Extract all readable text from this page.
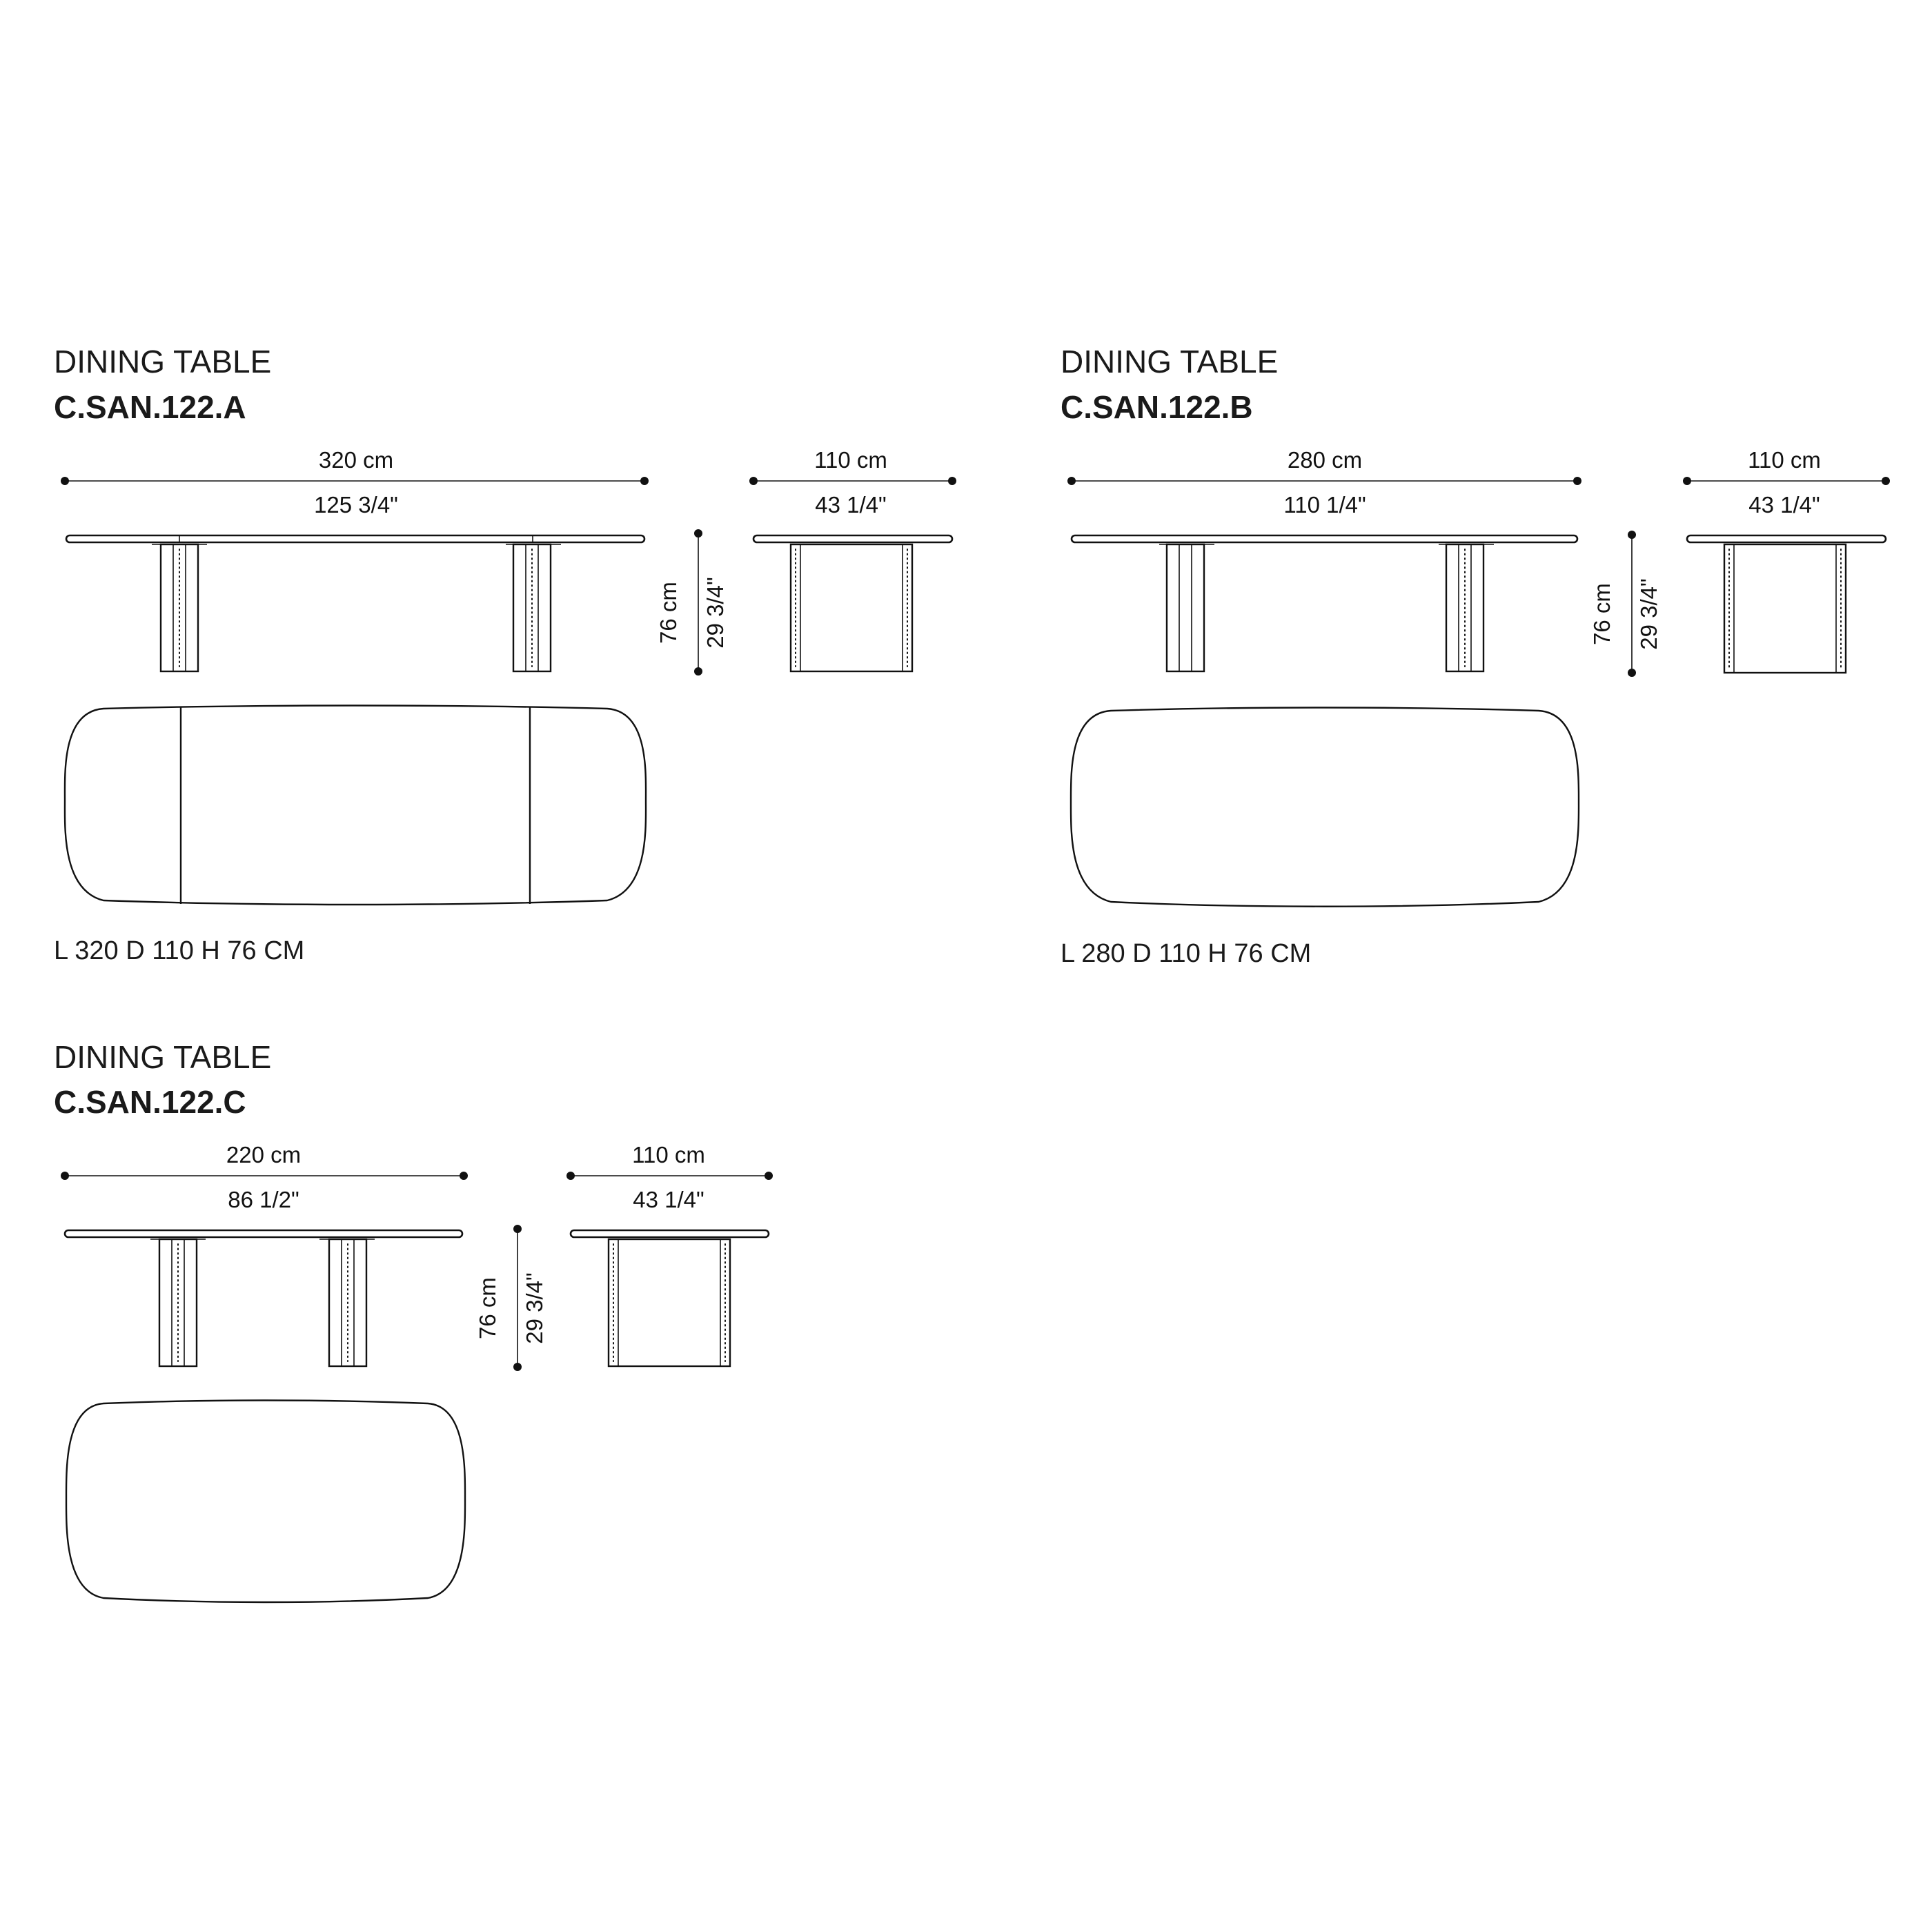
DINING TABLE
C.SAN.122.A
320 cm
125 3/4"
76 cm 29 3/4"
110 cm
43 1/4"
L 320 D 110 H 76 CM
DINING TABLE
C.SAN.122.B
280 cm
110 1/4"
76 cm 29 3/4"
110 cm
43 1/4"
L 280 D 110 H 76 CM
DINING TABLE
C.SAN.122.C
220 cm
86 1/2"
76 cm 29 3/4"
110 cm
43 1/4"
